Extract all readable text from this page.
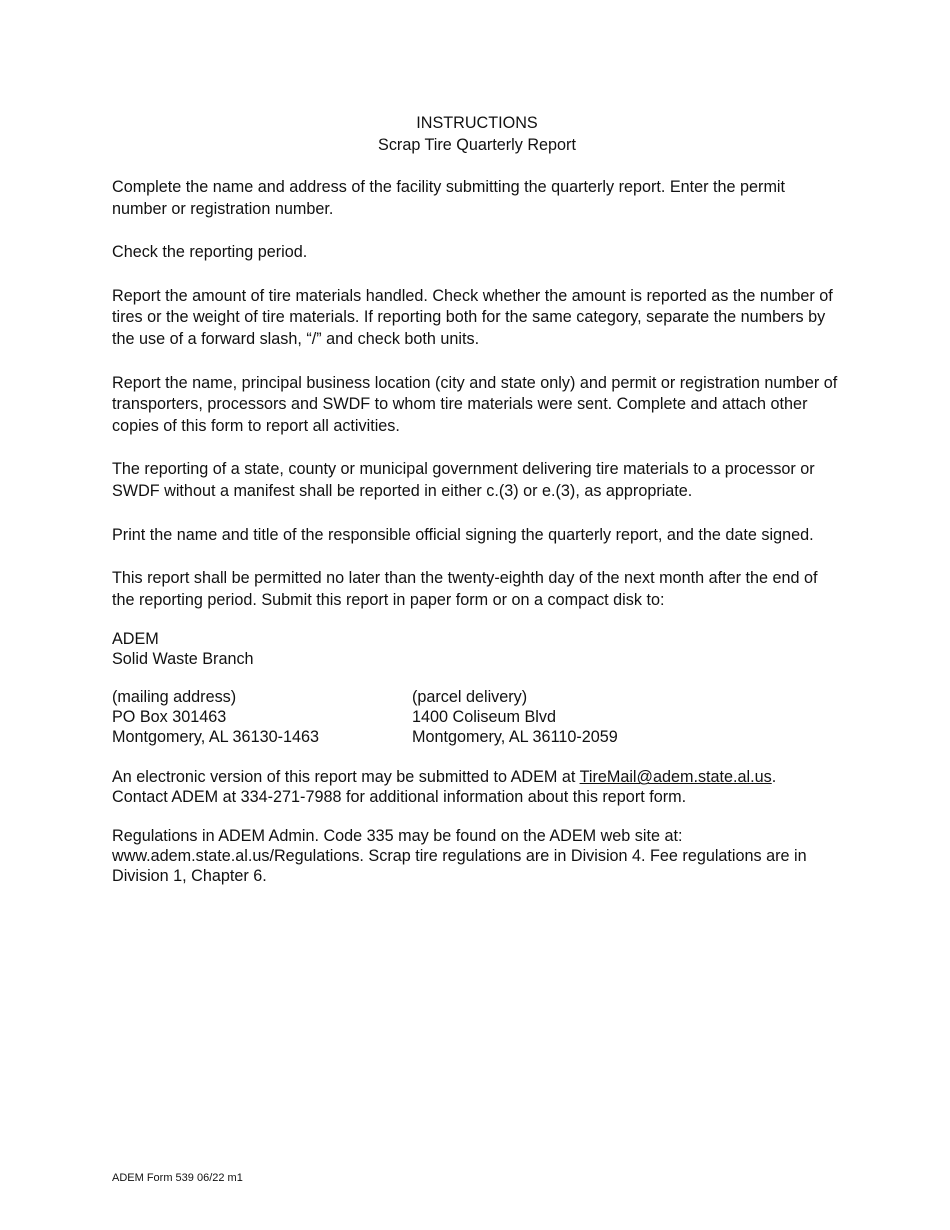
INSTRUCTIONS
Scrap Tire Quarterly Report

Complete the name and address of the facility submitting the quarterly report. Enter the permit number or registration number.

Check the reporting period.

Report the amount of tire materials handled. Check whether the amount is reported as the number of tires or the weight of tire materials. If reporting both for the same category, separate the numbers by the use of a forward slash, “/” and check both units.

Report the name, principal business location (city and state only) and permit or registration number of transporters, processors and SWDF to whom tire materials were sent. Complete and attach other copies of this form to report all activities.

The reporting of a state, county or municipal government delivering tire materials to a processor or SWDF without a manifest shall be reported in either c.(3) or e.(3), as appropriate.

Print the name and title of the responsible official signing the quarterly report, and the date signed.

This report shall be permitted no later than the twenty-eighth day of the next month after the end of the reporting period. Submit this report in paper form or on a compact disk to:

ADEM
Solid Waste Branch
(mailing address)
PO Box 301463
Montgomery, AL 36130-1463
(parcel delivery)
1400 Coliseum Blvd
Montgomery, AL 36110-2059

An electronic version of this report may be submitted to ADEM at TireMail@adem.state.al.us.
Contact ADEM at 334-271-7988 for additional information about this report form.

Regulations in ADEM Admin. Code 335 may be found on the ADEM web site at: www.adem.state.al.us/Regulations. Scrap tire regulations are in Division 4. Fee regulations are in Division 1, Chapter 6.

ADEM Form 539 06/22 m1
